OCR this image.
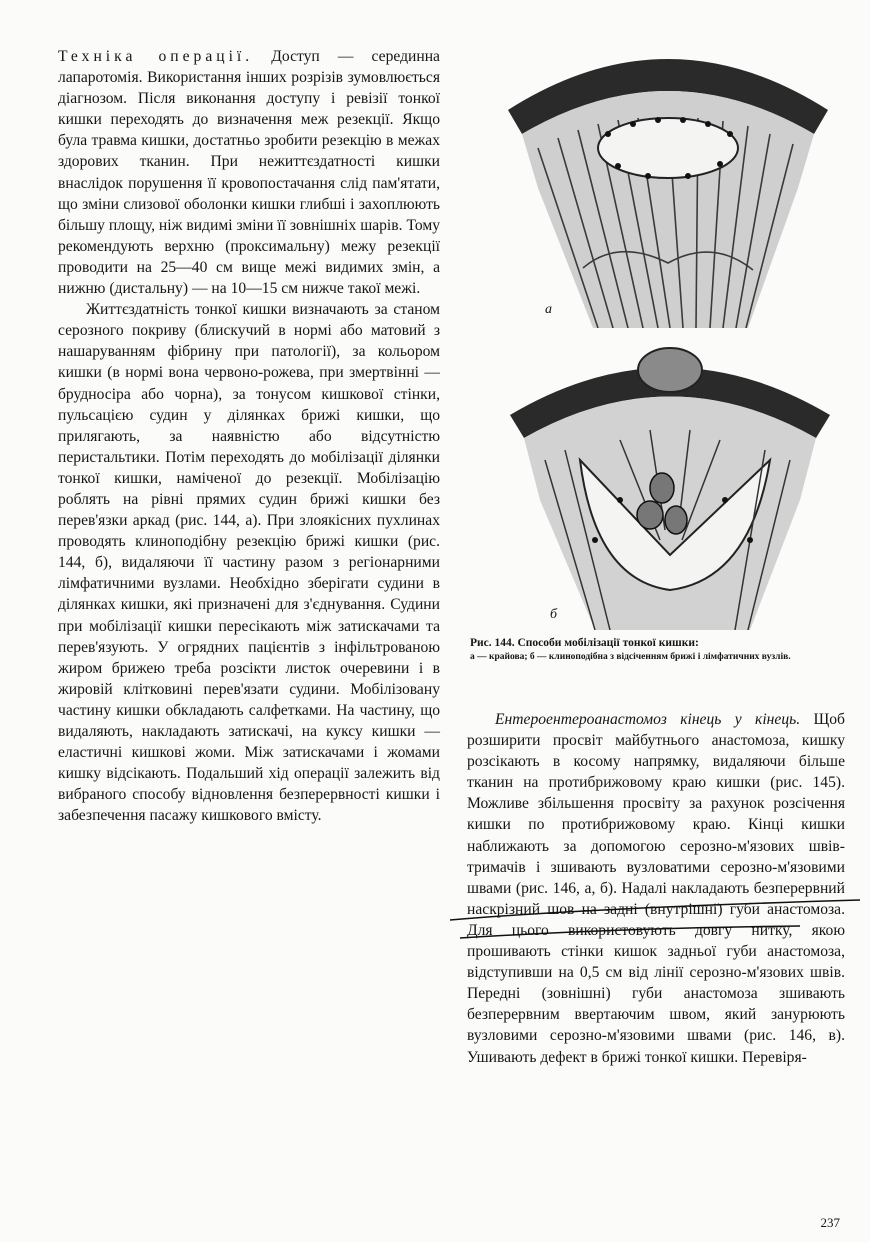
Техніка операції. Доступ — серединна лапаротомія. Використання інших розрізів зумовлюється діагнозом. Після виконання доступу і ревізії тонкої кишки переходять до визначення меж резекції. Якщо була травма кишки, достатньо зробити резекцію в межах здорових тканин. При нежиттєздатності кишки внаслідок порушення її кровопостачання слід пам'ятати, що зміни слизової оболонки кишки глибші і захоплюють більшу площу, ніж видимі зміни її зовнішніх шарів. Тому рекомендують верхню (проксимальну) межу резекції проводити на 25—40 см вище межі видимих змін, а нижню (дистальну) — на 10—15 см нижче такої межі.

Життєздатність тонкої кишки визначають за станом серозного покриву (блискучий в нормі або матовий з нашаруванням фібрину при патології), за кольором кишки (в нормі вона червоно-рожева, при змертвінні — брудносіра або чорна), за тонусом кишкової стінки, пульсацією судин у ділянках брижі кишки, що прилягають, за наявністю або відсутністю перистальтики. Потім переходять до мобілізації ділянки тонкої кишки, наміченої до резекції. Мобілізацію роблять на рівні прямих судин брижі кишки без перев'язки аркад (рис. 144, а). При злоякісних пухлинах проводять клиноподібну резекцію брижі кишки (рис. 144, б), видаляючи її частину разом з регіонарними лімфатичними вузлами. Необхідно зберігати судини в ділянках кишки, які призначені для з'єднування. Судини при мобілізації кишки пересікають між затискачами та перев'язують. У огрядних пацієнтів з інфільтрованою жиром брижею треба розсікти листок очеревини і в жировій клітковині перев'язати судини. Мобілізовану частину кишки обкладають салфетками. На частину, що видаляють, накладають затискачі, на куксу кишки — еластичні кишкові жоми. Між затискачами і жомами кишку відсікають. Подальший хід операції залежить від вибраного способу відновлення безперервності кишки і забезпечення пасажу кишкового вмісту.

а
б
Рис. 144. Способи мобілізації тонкої кишки:
а — крайова; б — клиноподібна з відсіченням брижі і лімфатичних вузлів.

Ентероентероанастомоз кінець у кінець. Щоб розширити просвіт майбутнього анастомоза, кишку розсікають в косому напрямку, видаляючи більше тканин на протибрижовому краю кишки (рис. 145). Можливе збільшення просвіту за рахунок розсічення кишки по протибрижовому краю. Кінці кишки наближають за допомогою серозно-м'язових швів-тримачів і зшивають вузловатими серозно-м'язовими швами (рис. 146, а, б). Надалі накладають безперервний наскрізний шов на задні (внутрішні) губи анастомоза. Для цього використовують довгу нитку, якою прошивають стінки кишок задньої губи анастомоза, відступивши на 0,5 см від лінії серозно-м'язових швів. Передні (зовнішні) губи анастомоза зшивають безперервним ввертаючим швом, який занурюють вузловими серозно-м'язовими швами (рис. 146, в). Ушивають дефект в брижі тонкої кишки. Перевіря-

237
